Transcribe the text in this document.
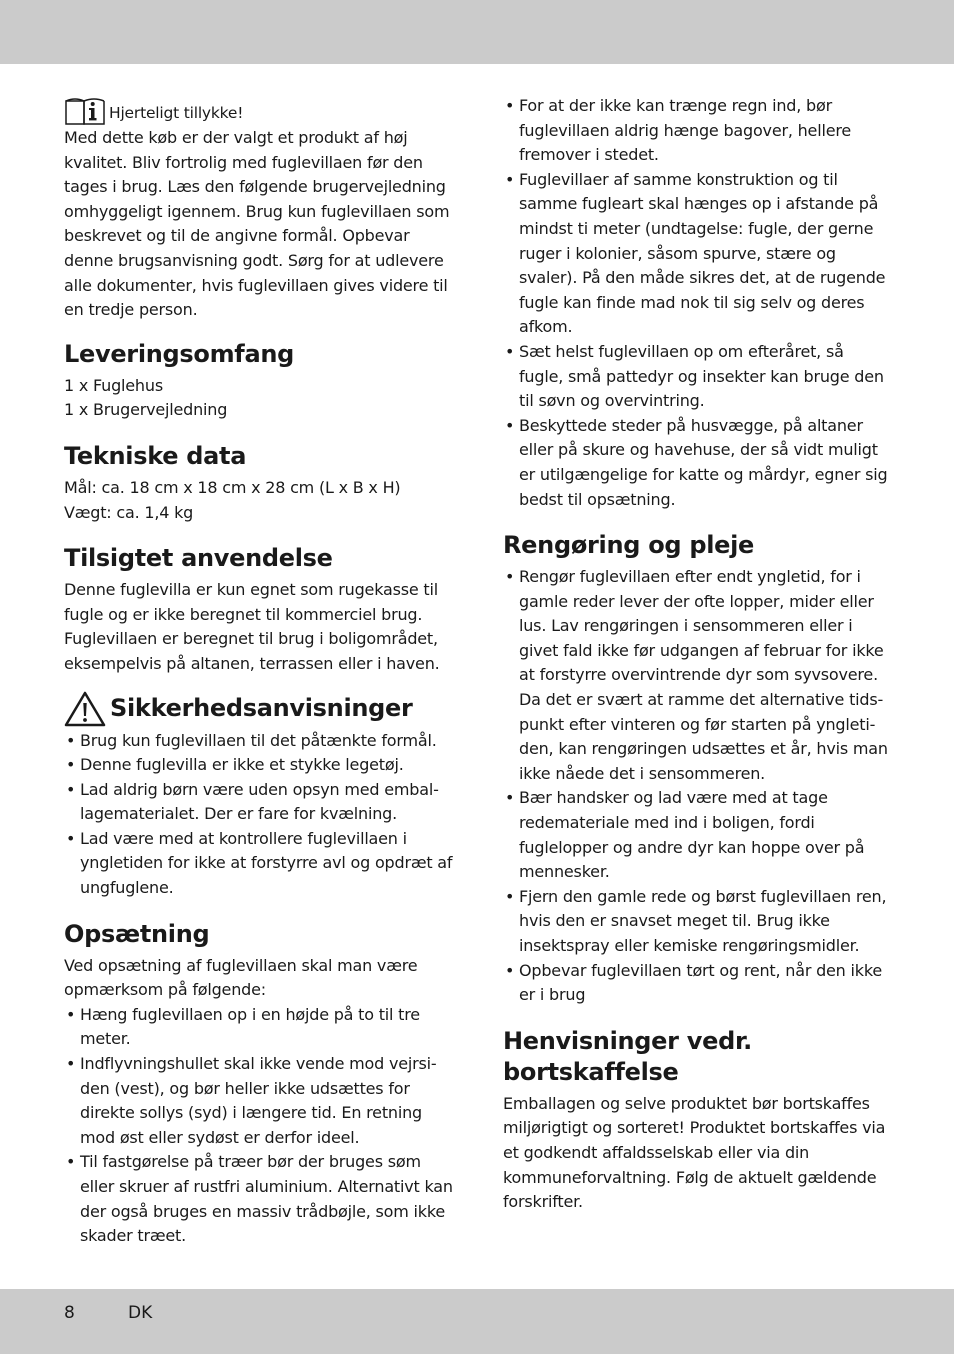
Hjerteligt tillykke!

Med dette køb er der valgt et produkt af høj kvalitet. Bliv fortrolig med fuglevillaen før den tages i brug. Læs den følgende brugervejledning omhyggeligt igennem. Brug kun fuglevillaen som beskrevet og til de angivne formål. Opbevar denne brugsanvisning godt. Sørg for at udlevere alle dokumenter, hvis fuglevillaen gives videre til en tredje person.

Leveringsomfang
1 x Fuglehus
1 x Brugervejledning
Tekniske data
Mål: ca. 18 cm x 18 cm x 28 cm (L x B x H)
Vægt: ca. 1,4 kg
Tilsigtet anvendelse

Denne fuglevilla er kun egnet som rugekasse til fugle og er ikke beregnet til kommerciel brug. Fuglevillaen er beregnet til brug i boligområdet, eksempelvis på altanen, terrassen eller i haven.

Sikkerhedsanvisninger
• Brug kun fuglevillaen til det påtænkte formål.
• Denne fuglevilla er ikke et stykke legetøj.
• Lad aldrig børn være uden opsyn med emballagematerialet. Der er fare for kvælning.
• Lad være med at kontrollere fuglevillaen i yngletiden for ikke at forstyrre avl og opdræt af ungfuglene.
Opsætning

Ved opsætning af fuglevillaen skal man være opmærksom på følgende:

• Hæng fuglevillaen op i en højde på to til tre meter.
• Indflyvningshullet skal ikke vende mod vejrsiden (vest), og bør heller ikke udsættes for direkte sollys (syd) i længere tid. En retning mod øst eller sydøst er derfor ideel.
• Til fastgørelse på træer bør der bruges søm eller skruer af rustfri aluminium. Alternativt kan der også bruges en massiv trådbøjle, som ikke skader træet.
• For at der ikke kan trænge regn ind, bør fuglevillaen aldrig hænge bagover, hellere fremover i stedet.
• Fuglevillaer af samme konstruktion og til samme fugleart skal hænges op i afstande på mindst ti meter (undtagelse: fugle, der gerne ruger i kolonier, såsom spurve, stære og svaler). På den måde sikres det, at de rugende fugle kan finde mad nok til sig selv og deres afkom.
• Sæt helst fuglevillaen op om efteråret, så fugle, små pattedyr og insekter kan bruge den til søvn og overvintring.
• Beskyttede steder på husvægge, på altaner eller på skure og havehuse, der så vidt muligt er utilgængelige for katte og mårdyr, egner sig bedst til opsætning.
Rengøring og pleje
• Rengør fuglevillaen efter endt yngletid, for i gamle reder lever der ofte lopper, mider eller lus. Lav rengøringen i sensommeren eller i givet fald ikke før udgangen af februar for ikke at forstyrre overvintrende dyr som syvsovere. Da det er svært at ramme det alternative tidspunkt efter vinteren og før starten på yngletiden, kan rengøringen udsættes et år, hvis man ikke nåede det i sensommeren.
• Bær handsker og lad være med at tage redemateriale med ind i boligen, fordi fuglelopper og andre dyr kan hoppe over på mennesker.
• Fjern den gamle rede og børst fuglevillaen ren, hvis den er snavset meget til. Brug ikke insektspray eller kemiske rengøringsmidler.
• Opbevar fuglevillaen tørt og rent, når den ikke er i brug
Henvisninger vedr. bortskaffelse

Emballagen og selve produktet bør bortskaffes miljørigtigt og sorteret! Produktet bortskaffes via et godkendt affaldsselskab eller via din kommuneforvaltning. Følg de aktuelt gældende forskrifter.

8	DK
